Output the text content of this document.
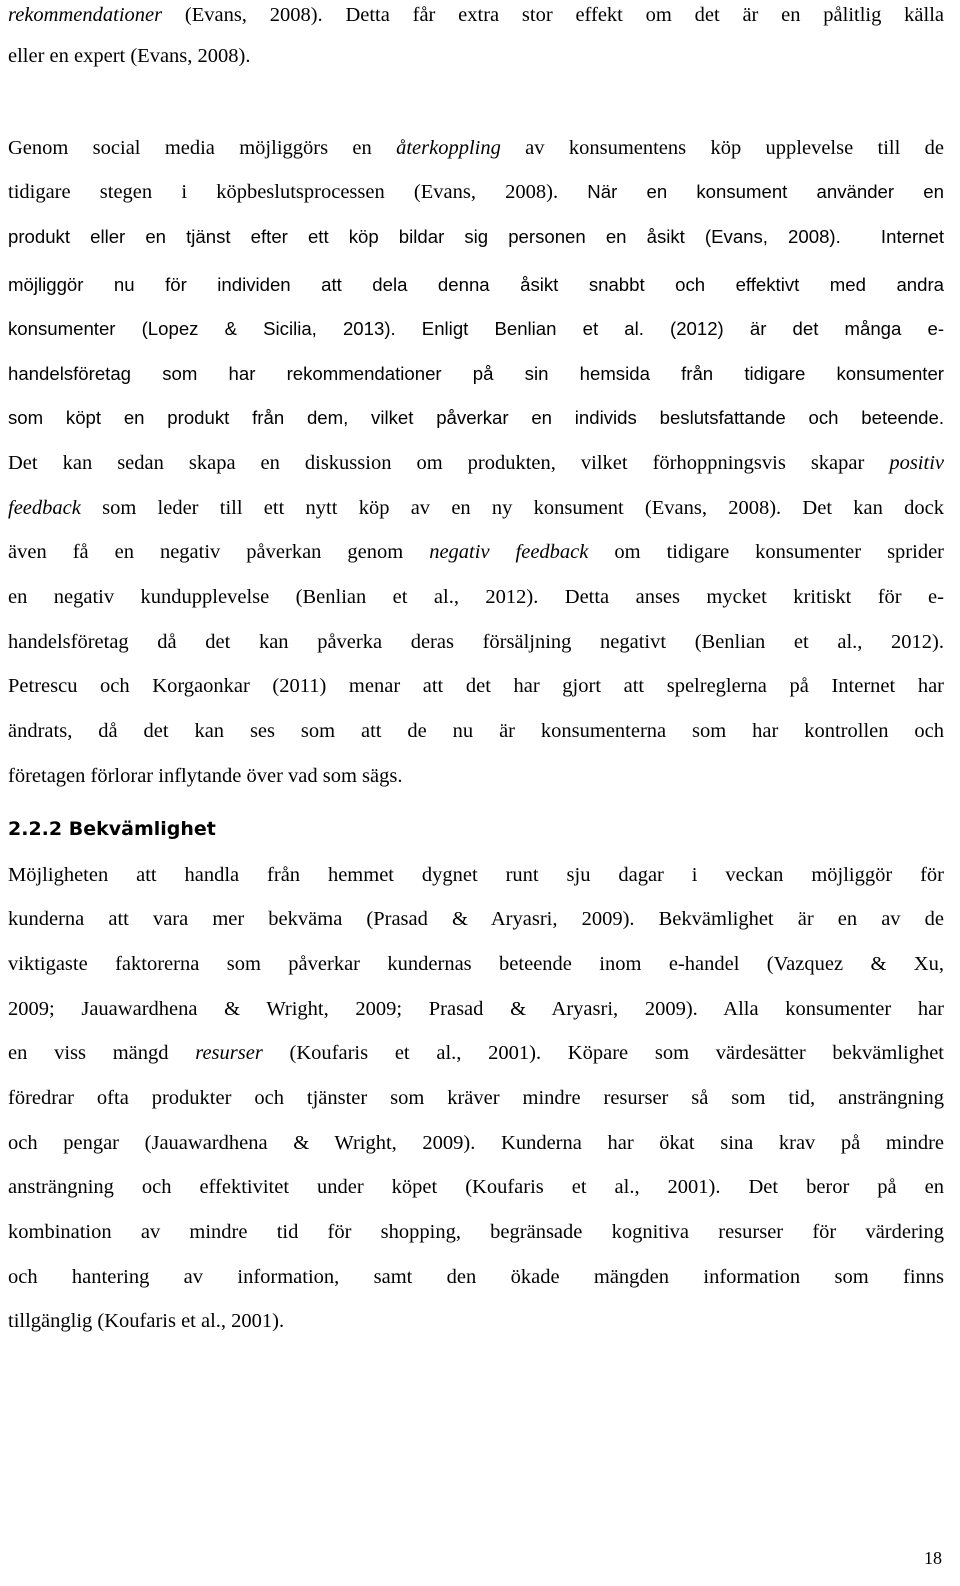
rekommendationer (Evans, 2008). Detta får extra stor effekt om det är en pålitlig källa
eller en expert (Evans, 2008).
Genom social media möjliggörs en återkoppling av konsumentens köp upplevelse till de
tidigare stegen i köpbeslutsprocessen (Evans, 2008). När en konsument använder en
produkt eller en tjänst efter ett köp bildar sig personen en åsikt (Evans, 2008).  Internet
möjliggör nu för individen att dela denna åsikt snabbt och effektivt med andra
konsumenter (Lopez & Sicilia, 2013). Enligt Benlian et al. (2012) är det många e-
handelsföretag som har rekommendationer på sin hemsida från tidigare konsumenter
som köpt en produkt från dem, vilket påverkar en individs beslutsfattande och beteende.
Det kan sedan skapa en diskussion om produkten, vilket förhoppningsvis skapar positiv
feedback som leder till ett nytt köp av en ny konsument (Evans, 2008). Det kan dock
även få en negativ påverkan genom negativ feedback om tidigare konsumenter sprider
en negativ kundupplevelse (Benlian et al., 2012). Detta anses mycket kritiskt för e-
handelsföretag då det kan påverka deras försäljning negativt (Benlian et al., 2012).
Petrescu och Korgaonkar (2011) menar att det har gjort att spelreglerna på Internet har
ändrats, då det kan ses som att de nu är konsumenterna som har kontrollen och
företagen förlorar inflytande över vad som sägs.
2.2.2 Bekvämlighet
Möjligheten att handla från hemmet dygnet runt sju dagar i veckan möjliggör för
kunderna att vara mer bekväma (Prasad & Aryasri, 2009). Bekvämlighet är en av de
viktigaste faktorerna som påverkar kundernas beteende inom e-handel (Vazquez & Xu,
2009; Jauawardhena & Wright, 2009; Prasad & Aryasri, 2009). Alla konsumenter har
en viss mängd resurser (Koufaris et al., 2001). Köpare som värdesätter bekvämlighet
föredrar ofta produkter och tjänster som kräver mindre resurser så som tid, ansträngning
och pengar (Jauawardhena & Wright, 2009). Kunderna har ökat sina krav på mindre
ansträngning och effektivitet under köpet (Koufaris et al., 2001). Det beror på en
kombination av mindre tid för shopping, begränsade kognitiva resurser för värdering
och hantering av information, samt den ökade mängden information som finns
tillgänglig (Koufaris et al., 2001).
18
